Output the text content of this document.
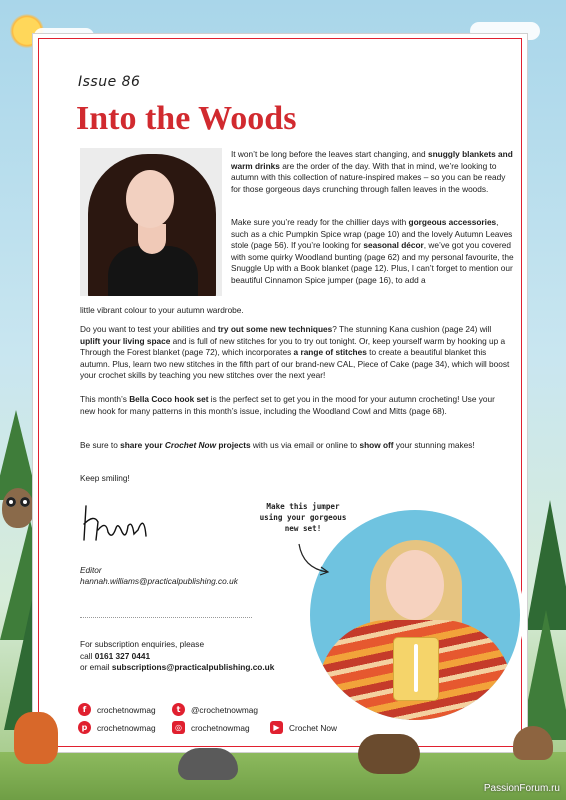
Issue 86
Into the Woods

It won’t be long before the leaves start changing, and snuggly blankets and warm drinks are the order of the day. With that in mind, we’re looking to autumn with this collection of nature-inspired makes – so you can be ready for those gorgeous days crunching through fallen leaves in the woods.

Make sure you’re ready for the chillier days with gorgeous accessories, such as a chic Pumpkin Spice wrap (page 10) and the lovely Autumn Leaves stole (page 56). If you’re looking for seasonal décor, we’ve got you covered with some quirky Woodland bunting (page 62) and my personal favourite, the Snuggle Up with a Book blanket (page 12). Plus, I can’t forget to mention our beautiful Cinnamon Spice jumper (page 16), to add a

little vibrant colour to your autumn wardrobe.

Do you want to test your abilities and try out some new techniques? The stunning Kana cushion (page 24) will uplift your living space and is full of new stitches for you to try out tonight. Or, keep yourself warm by hooking up a Through the Forest blanket (page 72), which incorporates a range of stitches to create a beautiful blanket this autumn. Plus, learn two new stitches in the fifth part of our brand-new CAL, Piece of Cake (page 34), which will boost your crochet skills by teaching you new stitches over the next year!

This month’s Bella Coco hook set is the perfect set to get you in the mood for your autumn crocheting! Use your new hook for many patterns in this month’s issue, including the Woodland Cowl and Mitts (page 68).

Be sure to share your Crochet Now projects with us via email or online to show off your stunning makes!

Keep smiling!

Editor
hannah.williams@practicalpublishing.co.uk
For subscription enquiries, please
call 0161 327 0441
or email subscriptions@practicalpublishing.co.uk
f	crochetnowmag	t	@crochetnowmag
p	crochetnowmag	◎	crochetnowmag	▶	Crochet Now
Make this jumper using your gorgeous new set!
PassionForum.ru
